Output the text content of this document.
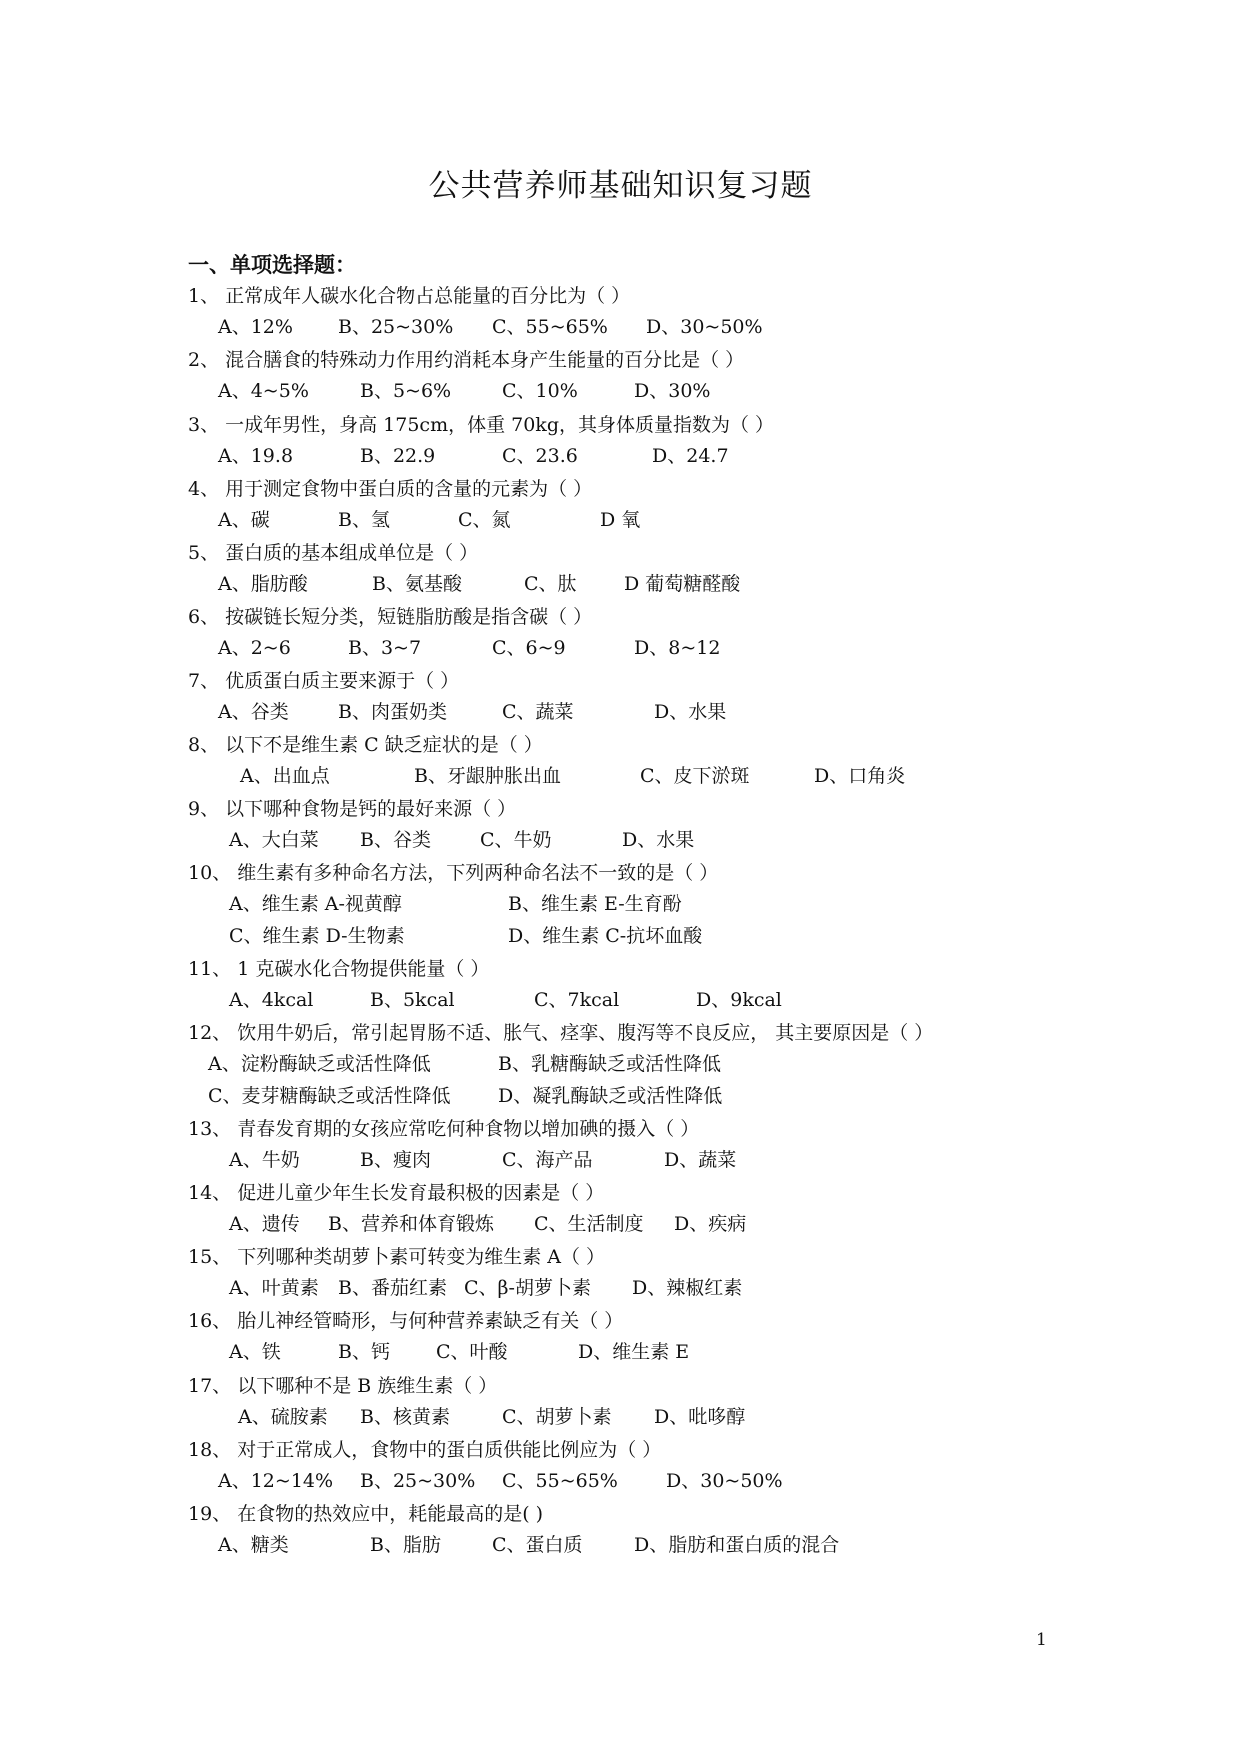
公共营养师基础知识复习题
一、单项选择题：
1、 正常成年人碳水化合物占总能量的百分比为（ ）
A、12% B、25~30% C、55~65% D、30~50%
2、 混合膳食的特殊动力作用约消耗本身产生能量的百分比是（ ）
A、4~5%	B、5~6%	C、10%	D、30%
3、 一成年男性，身高 175cm，体重 70kg，其身体质量指数为（ ）
A、19.8	B、22.9	C、23.6	D、24.7
4、 用于测定食物中蛋白质的含量的元素为（ ）
A、碳	B、氢	C、氮	D 氧
5、 蛋白质的基本组成单位是（ ）
A、脂肪酸	B、氨基酸	C、肽 D 葡萄糖醛酸
6、 按碳链长短分类，短链脂肪酸是指含碳（ ）
A、2~6	B、3~7	C、6~9	D、8~12
7、 优质蛋白质主要来源于（ ）
A、谷类	B、肉蛋奶类	C、蔬菜	D、水果
8、 以下不是维生素 C 缺乏症状的是（ ）
A、出血点	B、牙龈肿胀出血	C、皮下淤斑	D、口角炎
9、 以下哪种食物是钙的最好来源（ ）
A、大白菜 B、谷类	C、牛奶	D、水果
10、 维生素有多种命名方法，下列两种命名法不一致的是（ ）
A、维生素 A-视黄醇	B、维生素 E-生育酚
C、维生素 D-生物素	D、维生素 C-抗坏血酸
11、 1 克碳水化合物提供能量（ ）
A、4kcal	B、5kcal	C、7kcal	D、9kcal
12、 饮用牛奶后，常引起胃肠不适、胀气、痉挛、腹泻等不良反应， 其主要原因是（ ）
A、淀粉酶缺乏或活性降低	B、乳糖酶缺乏或活性降低
C、麦芽糖酶缺乏或活性降低 D、凝乳酶缺乏或活性降低
13、 青春发育期的女孩应常吃何种食物以增加碘的摄入（ ）
A、牛奶	B、瘦肉	C、海产品	D、蔬菜
14、 促进儿童少年生长发育最积极的因素是（ ）
A、遗传 B、营养和体育锻炼 C、生活制度 D、疾病
15、 下列哪种类胡萝卜素可转变为维生素 A（ ）
A、叶黄素 B、番茄红素 C、β-胡萝卜素 D、辣椒红素
16、 胎儿神经管畸形，与何种营养素缺乏有关（ ）
A、铁	B、钙 C、叶酸	D、维生素 E
17、 以下哪种不是 B 族维生素（ ）
A、硫胺素 B、核黄素	C、胡萝卜素 D、吡哆醇
18、 对于正常成人，食物中的蛋白质供能比例应为（ ）
A、12~14% B、25~30% C、55~65%	D、30~50%
19、 在食物的热效应中，耗能最高的是( )
A、糖类	B、脂肪	C、蛋白质	D、脂肪和蛋白质的混合
1
